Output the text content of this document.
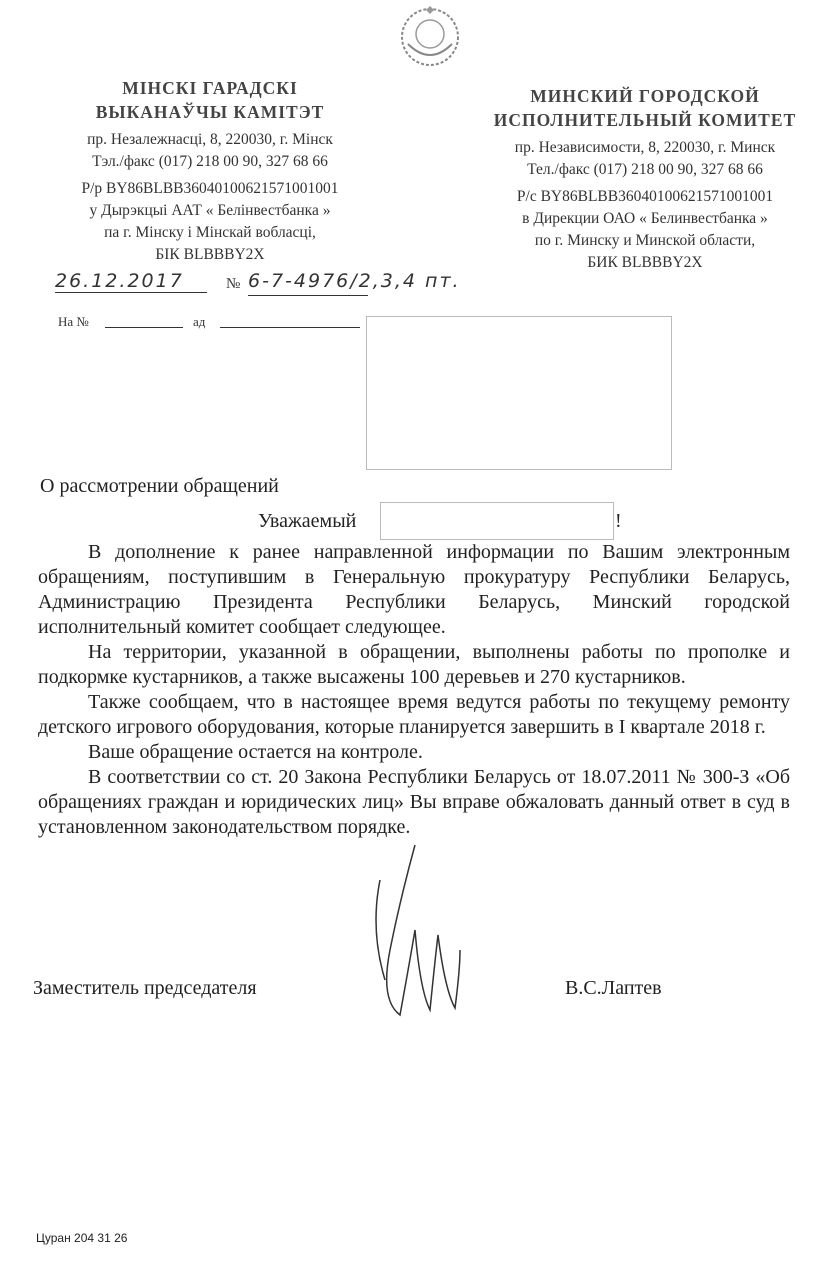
МІНСКІ ГАРАДСКІ
ВЫКАНАЎЧЫ КАМІТЭТ
пр. Незалежнасці, 8, 220030, г. Мінск
Тэл./факс (017) 218 00 90, 327 68 66
Р/р BY86BLBB36040100621571001001
у Дырэкцыі ААТ « Белінвестбанка »
па г. Мінску і Мінскай вобласці,
БІК BLBBBY2X
МИНСКИЙ ГОРОДСКОЙ
ИСПОЛНИТЕЛЬНЫЙ КОМИТЕТ
пр. Независимости, 8, 220030, г. Минск
Тел./факс (017) 218 00 90, 327 68 66
Р/с BY86BLBB36040100621571001001
в Дирекции ОАО « Белинвестбанка »
по г. Минску и Минской области,
БИК BLBBBY2X
26.12.2017	№ 6-7-4976/2,3,4 пт.
На №	ад
О рассмотрении обращений
Уважаемый	!

В дополнение к ранее направленной информации по Вашим электронным обращениям, поступившим в Генеральную прокуратуру Республики Беларусь, Администрацию Президента Республики Беларусь, Минский городской исполнительный комитет сообщает следующее.

На территории, указанной в обращении, выполнены работы по прополке и подкормке кустарников, а также высажены 100 деревьев и 270 кустарников.

Также сообщаем, что в настоящее время ведутся работы по текущему ремонту детского игрового оборудования, которые планируется завершить в I квартале 2018 г.

Ваше обращение остается на контроле.

В соответствии со ст. 20 Закона Республики Беларусь от 18.07.2011 № 300-З «Об обращениях граждан и юридических лиц» Вы вправе обжаловать данный ответ в суд в установленном законодательством порядке.

Заместитель председателя	В.С.Лаптев
Цуран 204 31 26
